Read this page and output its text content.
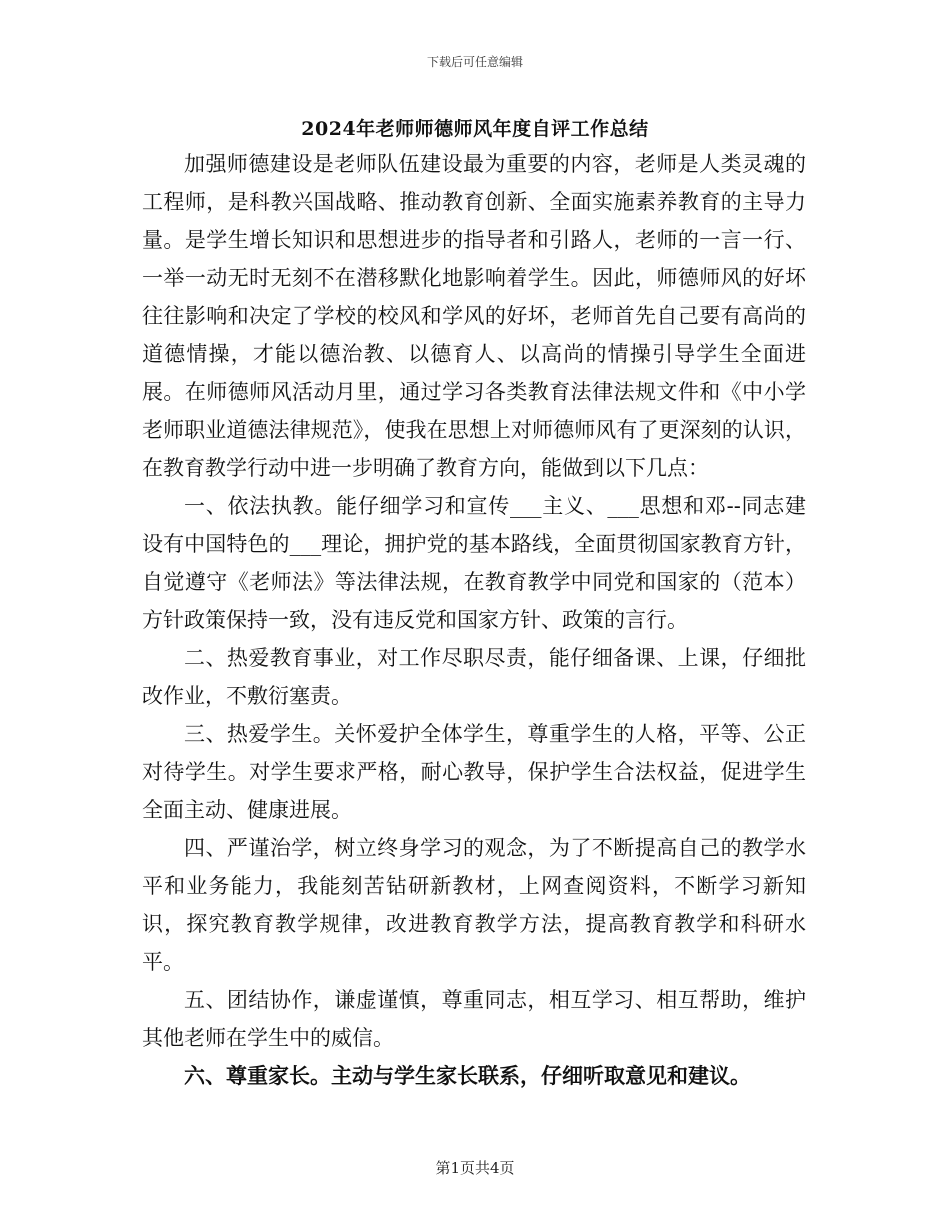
下载后可任意编辑
2024年老师师德师风年度自评工作总结

加强师德建设是老师队伍建设最为重要的内容，老师是人类灵魂的工程师，是科教兴国战略、推动教育创新、全面实施素养教育的主导力量。是学生增长知识和思想进步的指导者和引路人，老师的一言一行、一举一动无时无刻不在潜移默化地影响着学生。因此，师德师风的好坏往往影响和决定了学校的校风和学风的好坏，老师首先自己要有高尚的道德情操，才能以德治教、以德育人、以高尚的情操引导学生全面进展。在师德师风活动月里，通过学习各类教育法律法规文件和《中小学老师职业道德法律规范》，使我在思想上对师德师风有了更深刻的认识，在教育教学行动中进一步明确了教育方向，能做到以下几点：

一、依法执教。能仔细学习和宣传___主义、___思想和邓--同志建设有中国特色的___理论，拥护党的基本路线，全面贯彻国家教育方针，自觉遵守《老师法》等法律法规，在教育教学中同党和国家的（范本）方针政策保持一致，没有违反党和国家方针、政策的言行。

二、热爱教育事业，对工作尽职尽责，能仔细备课、上课，仔细批改作业，不敷衍塞责。

三、热爱学生。关怀爱护全体学生，尊重学生的人格，平等、公正对待学生。对学生要求严格，耐心教导，保护学生合法权益，促进学生全面主动、健康进展。

四、严谨治学，树立终身学习的观念，为了不断提高自己的教学水平和业务能力，我能刻苦钻研新教材，上网查阅资料，不断学习新知识，探究教育教学规律，改进教育教学方法，提高教育教学和科研水平。

五、团结协作，谦虚谨慎，尊重同志，相互学习、相互帮助，维护其他老师在学生中的威信。

六、尊重家长。主动与学生家长联系，仔细听取意见和建议。

第1页共4页
